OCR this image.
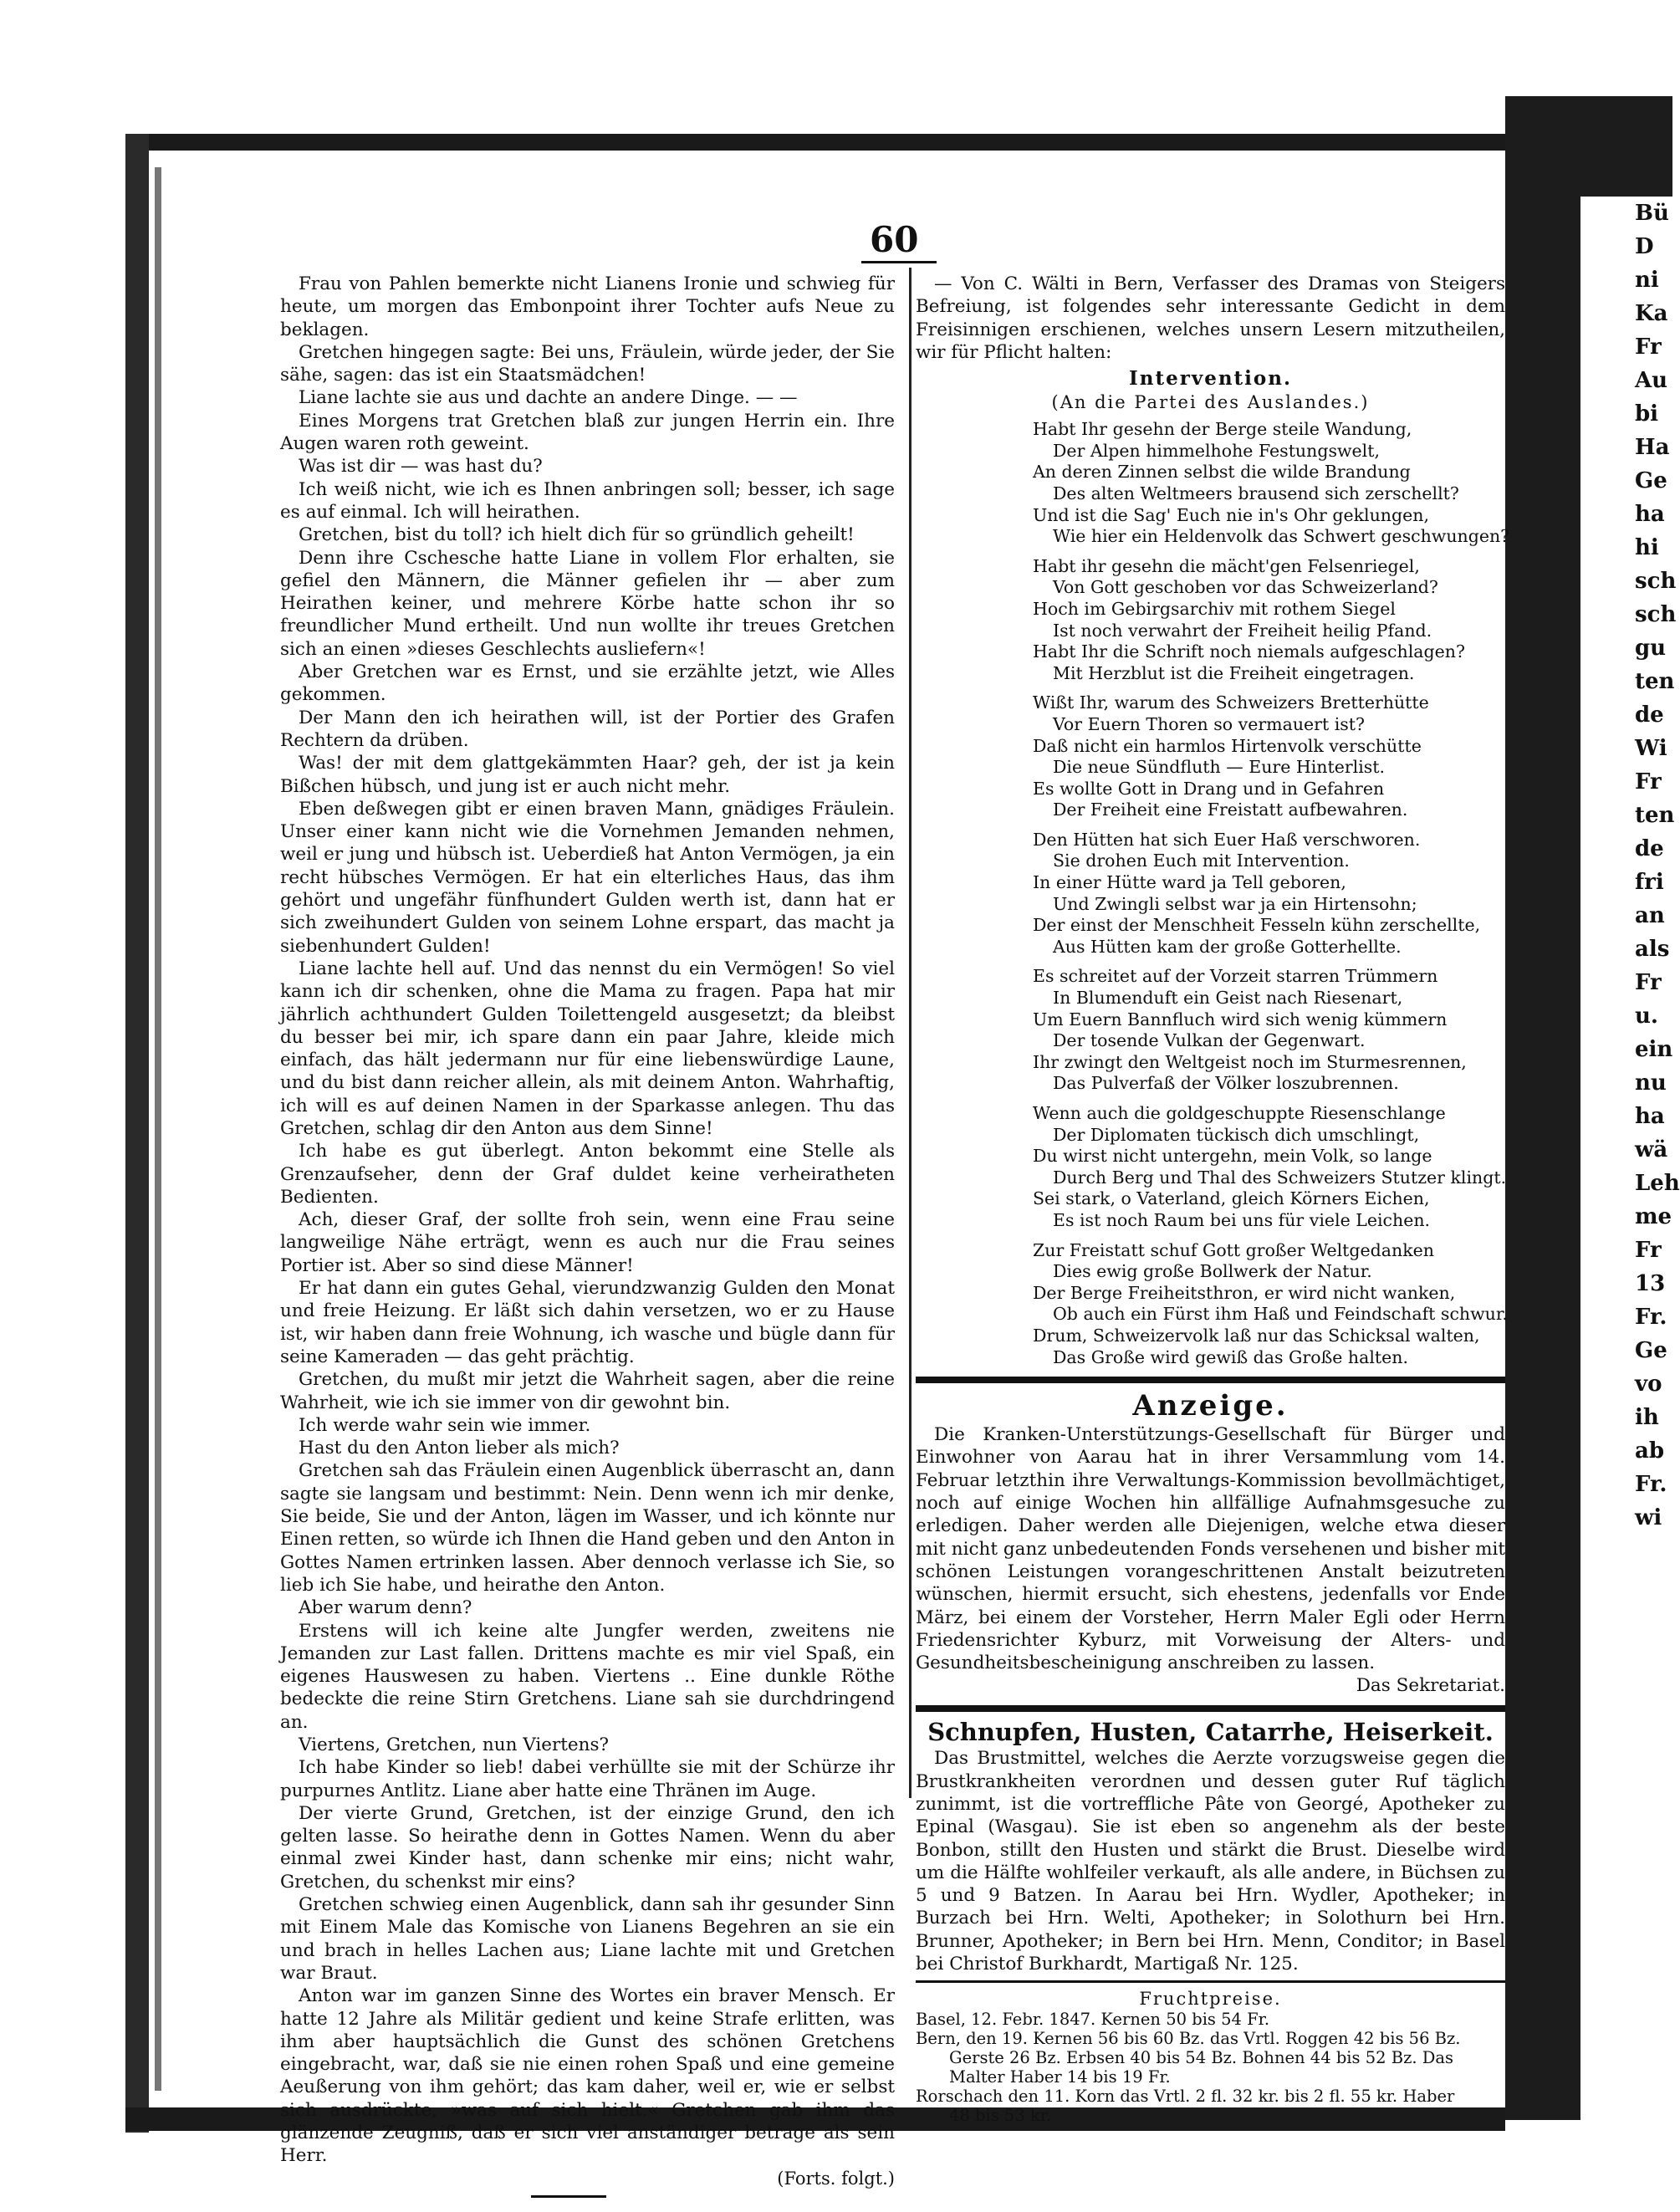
Bü
D
ni
Ka
Fr
Au
bi
Ha
Ge
ha
hi
sch
sch
gu
ten
de
Wi
Fr
ten
de
fri
an
als
Fr
u.
ein
nu
ha
wä
Leh
me
Fr
13
Fr.
Ge
vo
ih
ab
Fr.
wi
60

Frau von Pahlen bemerkte nicht Lianens Ironie und schwieg für heute, um morgen das Embonpoint ihrer Tochter aufs Neue zu beklagen.

Gretchen hingegen sagte: Bei uns, Fräulein, würde jeder, der Sie sähe, sagen: das ist ein Staatsmädchen!

Liane lachte sie aus und dachte an andere Dinge. — —

Eines Morgens trat Gretchen blaß zur jungen Herrin ein. Ihre Augen waren roth geweint.

Was ist dir — was hast du?

Ich weiß nicht, wie ich es Ihnen anbringen soll; besser, ich sage es auf einmal. Ich will heirathen.

Gretchen, bist du toll? ich hielt dich für so gründlich geheilt!

Denn ihre Cschesche hatte Liane in vollem Flor erhalten, sie gefiel den Männern, die Männer gefielen ihr — aber zum Heirathen keiner, und mehrere Körbe hatte schon ihr so freundlicher Mund ertheilt. Und nun wollte ihr treues Gretchen sich an einen »dieses Geschlechts ausliefern«!

Aber Gretchen war es Ernst, und sie erzählte jetzt, wie Alles gekommen.

Der Mann den ich heirathen will, ist der Portier des Grafen Rechtern da drüben.

Was! der mit dem glattgekämmten Haar? geh, der ist ja kein Bißchen hübsch, und jung ist er auch nicht mehr.

Eben deßwegen gibt er einen braven Mann, gnädiges Fräulein. Unser einer kann nicht wie die Vornehmen Jemanden nehmen, weil er jung und hübsch ist. Ueberdieß hat Anton Vermögen, ja ein recht hübsches Vermögen. Er hat ein elterliches Haus, das ihm gehört und ungefähr fünfhundert Gulden werth ist, dann hat er sich zweihundert Gulden von seinem Lohne erspart, das macht ja siebenhundert Gulden!

Liane lachte hell auf. Und das nennst du ein Vermögen! So viel kann ich dir schenken, ohne die Mama zu fragen. Papa hat mir jährlich achthundert Gulden Toilettengeld ausgesetzt; da bleibst du besser bei mir, ich spare dann ein paar Jahre, kleide mich einfach, das hält jedermann nur für eine liebenswürdige Laune, und du bist dann reicher allein, als mit deinem Anton. Wahrhaftig, ich will es auf deinen Namen in der Sparkasse anlegen. Thu das Gretchen, schlag dir den Anton aus dem Sinne!

Ich habe es gut überlegt. Anton bekommt eine Stelle als Grenzaufseher, denn der Graf duldet keine verheiratheten Bedienten.

Ach, dieser Graf, der sollte froh sein, wenn eine Frau seine langweilige Nähe erträgt, wenn es auch nur die Frau seines Portier ist. Aber so sind diese Männer!

Er hat dann ein gutes Gehal, vierundzwanzig Gulden den Monat und freie Heizung. Er läßt sich dahin versetzen, wo er zu Hause ist, wir haben dann freie Wohnung, ich wasche und bügle dann für seine Kameraden — das geht prächtig.

Gretchen, du mußt mir jetzt die Wahrheit sagen, aber die reine Wahrheit, wie ich sie immer von dir gewohnt bin.

Ich werde wahr sein wie immer.

Hast du den Anton lieber als mich?

Gretchen sah das Fräulein einen Augenblick überrascht an, dann sagte sie langsam und bestimmt: Nein. Denn wenn ich mir denke, Sie beide, Sie und der Anton, lägen im Wasser, und ich könnte nur Einen retten, so würde ich Ihnen die Hand geben und den Anton in Gottes Namen ertrinken lassen. Aber dennoch verlasse ich Sie, so lieb ich Sie habe, und heirathe den Anton.

Aber warum denn?

Erstens will ich keine alte Jungfer werden, zweitens nie Jemanden zur Last fallen. Drittens machte es mir viel Spaß, ein eigenes Hauswesen zu haben. Viertens .. Eine dunkle Röthe bedeckte die reine Stirn Gretchens. Liane sah sie durchdringend an.

Viertens, Gretchen, nun Viertens?

Ich habe Kinder so lieb! dabei verhüllte sie mit der Schürze ihr purpurnes Antlitz. Liane aber hatte eine Thränen im Auge.

Der vierte Grund, Gretchen, ist der einzige Grund, den ich gelten lasse. So heirathe denn in Gottes Namen. Wenn du aber einmal zwei Kinder hast, dann schenke mir eins; nicht wahr, Gretchen, du schenkst mir eins?

Gretchen schwieg einen Augenblick, dann sah ihr gesunder Sinn mit Einem Male das Komische von Lianens Begehren an sie ein und brach in helles Lachen aus; Liane lachte mit und Gretchen war Braut.

Anton war im ganzen Sinne des Wortes ein braver Mensch. Er hatte 12 Jahre als Militär gedient und keine Strafe erlitten, was ihm aber hauptsächlich die Gunst des schönen Gretchens eingebracht, war, daß sie nie einen rohen Spaß und eine gemeine Aeußerung von ihm gehört; das kam daher, weil er, wie er selbst sich ausdrückte, »was auf sich hielt.« Gretchen gab ihm das glänzende Zeugniß, daß er sich viel anständiger betrage als sein Herr.

(Forts. folgt.)

— Von C. Wälti in Bern, Verfasser des Dramas von Steigers Befreiung, ist folgendes sehr interessante Gedicht in dem Freisinnigen erschienen, welches unsern Lesern mitzutheilen, wir für Pflicht halten:

Intervention.
(An die Partei des Auslandes.)
Habt Ihr gesehn der Berge steile Wandung,
Der Alpen himmelhohe Festungswelt,
An deren Zinnen selbst die wilde Brandung
Des alten Weltmeers brausend sich zerschellt?
Und ist die Sag' Euch nie in's Ohr geklungen,
Wie hier ein Heldenvolk das Schwert geschwungen?
Habt ihr gesehn die mächt'gen Felsenriegel,
Von Gott geschoben vor das Schweizerland?
Hoch im Gebirgsarchiv mit rothem Siegel
Ist noch verwahrt der Freiheit heilig Pfand.
Habt Ihr die Schrift noch niemals aufgeschlagen?
Mit Herzblut ist die Freiheit eingetragen.
Wißt Ihr, warum des Schweizers Bretterhütte
Vor Euern Thoren so vermauert ist?
Daß nicht ein harmlos Hirtenvolk verschütte
Die neue Sündfluth — Eure Hinterlist.
Es wollte Gott in Drang und in Gefahren
Der Freiheit eine Freistatt aufbewahren.
Den Hütten hat sich Euer Haß verschworen.
Sie drohen Euch mit Intervention.
In einer Hütte ward ja Tell geboren,
Und Zwingli selbst war ja ein Hirtensohn;
Der einst der Menschheit Fesseln kühn zerschellte,
Aus Hütten kam der große Gotterhellte.
Es schreitet auf der Vorzeit starren Trümmern
In Blumenduft ein Geist nach Riesenart,
Um Euern Bannfluch wird sich wenig kümmern
Der tosende Vulkan der Gegenwart.
Ihr zwingt den Weltgeist noch im Sturmesrennen,
Das Pulverfaß der Völker loszubrennen.
Wenn auch die goldgeschuppte Riesenschlange
Der Diplomaten tückisch dich umschlingt,
Du wirst nicht untergehn, mein Volk, so lange
Durch Berg und Thal des Schweizers Stutzer klingt.
Sei stark, o Vaterland, gleich Körners Eichen,
Es ist noch Raum bei uns für viele Leichen.
Zur Freistatt schuf Gott großer Weltgedanken
Dies ewig große Bollwerk der Natur.
Der Berge Freiheitsthron, er wird nicht wanken,
Ob auch ein Fürst ihm Haß und Feindschaft schwur.
Drum, Schweizervolk laß nur das Schicksal walten,
Das Große wird gewiß das Große halten.
Anzeige.

Die Kranken-Unterstützungs-Gesellschaft für Bürger und Einwohner von Aarau hat in ihrer Versammlung vom 14. Februar letzthin ihre Verwaltungs-Kommission bevollmächtiget, noch auf einige Wochen hin allfällige Aufnahmsgesuche zu erledigen. Daher werden alle Diejenigen, welche etwa dieser mit nicht ganz unbedeutenden Fonds versehenen und bisher mit schönen Leistungen vorangeschrittenen Anstalt beizutreten wünschen, hiermit ersucht, sich ehestens, jedenfalls vor Ende März, bei einem der Vorsteher, Herrn Maler Egli oder Herrn Friedensrichter Kyburz, mit Vorweisung der Alters- und Gesundheitsbescheinigung anschreiben zu lassen.

Das Sekretariat.
Schnupfen, Husten, Catarrhe, Heiserkeit.

Das Brustmittel, welches die Aerzte vorzugsweise gegen die Brustkrankheiten verordnen und dessen guter Ruf täglich zunimmt, ist die vortreffliche Pâte von Georgé, Apotheker zu Epinal (Wasgau). Sie ist eben so angenehm als der beste Bonbon, stillt den Husten und stärkt die Brust. Dieselbe wird um die Hälfte wohlfeiler verkauft, als alle andere, in Büchsen zu 5 und 9 Batzen. In Aarau bei Hrn. Wydler, Apotheker; in Burzach bei Hrn. Welti, Apotheker; in Solothurn bei Hrn. Brunner, Apotheker; in Bern bei Hrn. Menn, Conditor; in Basel bei Christof Burkhardt, Martigaß Nr. 125.

Fruchtpreise.
Basel, 12. Febr. 1847. Kernen 50 bis 54 Fr.
Bern, den 19. Kernen 56 bis 60 Bz. das Vrtl. Roggen 42 bis 56 Bz.
Gerste 26 Bz. Erbsen 40 bis 54 Bz. Bohnen 44 bis 52 Bz. Das
Malter Haber 14 bis 19 Fr.
Rorschach den 11. Korn das Vrtl. 2 fl. 32 kr. bis 2 fl. 55 kr. Haber
48 bis 53 kr.
